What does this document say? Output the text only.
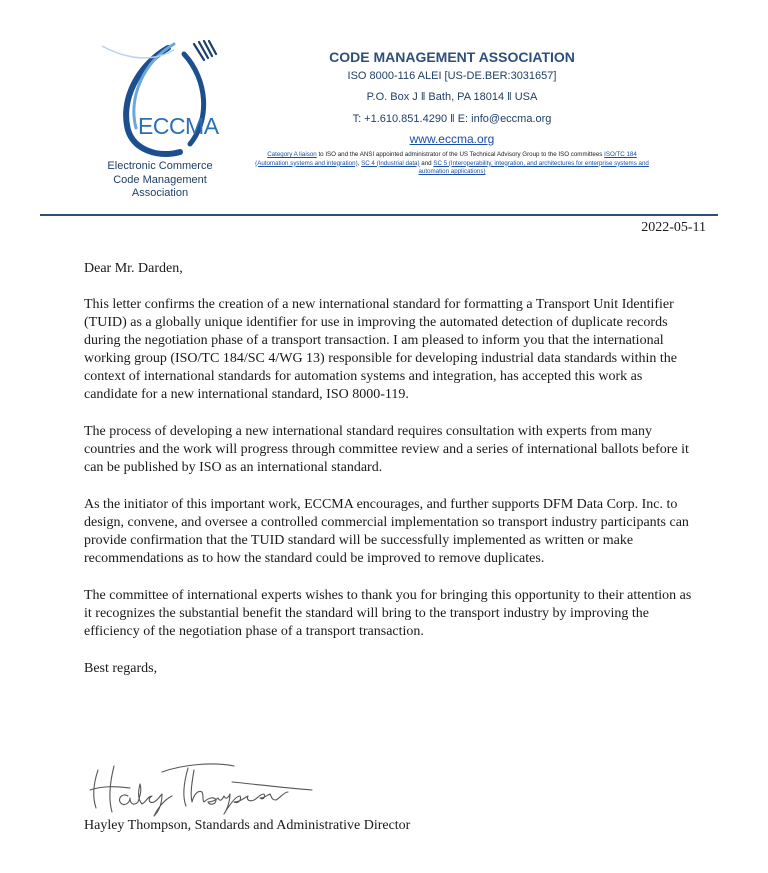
ECCMA
Electronic Commerce
Code Management
Association
CODE MANAGEMENT ASSOCIATION
ISO 8000-116 ALEI [US-DE.BER:3031657]
P.O. Box J ‖ Bath, PA 18014 ‖ USA
T: +1.610.851.4290 ‖ E: info@eccma.org
www.eccma.org
Category A liaison to ISO and the ANSI appointed administrator of the US Technical Advisory Group to the ISO committees ISO/TC 184 (Automation systems and integration), SC 4 (Industrial data) and SC 5 (Interoperability, integration, and architectures for enterprise systems and automation applications)
2022-05-11

Dear Mr. Darden,

This letter confirms the creation of a new international standard for formatting a Transport Unit Identifier (TUID) as a globally unique identifier for use in improving the automated detection of duplicate records during the negotiation phase of a transport transaction. I am pleased to inform you that the international working group (ISO/TC 184/SC 4/WG 13) responsible for developing industrial data standards within the context of international standards for automation systems and integration, has accepted this work as candidate for a new international standard, ISO 8000-119.

The process of developing a new international standard requires consultation with experts from many countries and the work will progress through committee review and a series of international ballots before it can be published by ISO as an international standard.

As the initiator of this important work, ECCMA encourages, and further supports DFM Data Corp. Inc. to design, convene, and oversee a controlled commercial implementation so transport industry participants can provide confirmation that the TUID standard will be successfully implemented as written or make recommendations as to how the standard could be improved to remove duplicates.

The committee of international experts wishes to thank you for bringing this opportunity to their attention as it recognizes the substantial benefit the standard will bring to the transport industry by improving the efficiency of the negotiation phase of a transport transaction.

Best regards,

Hayley Thompson, Standards and Administrative Director
